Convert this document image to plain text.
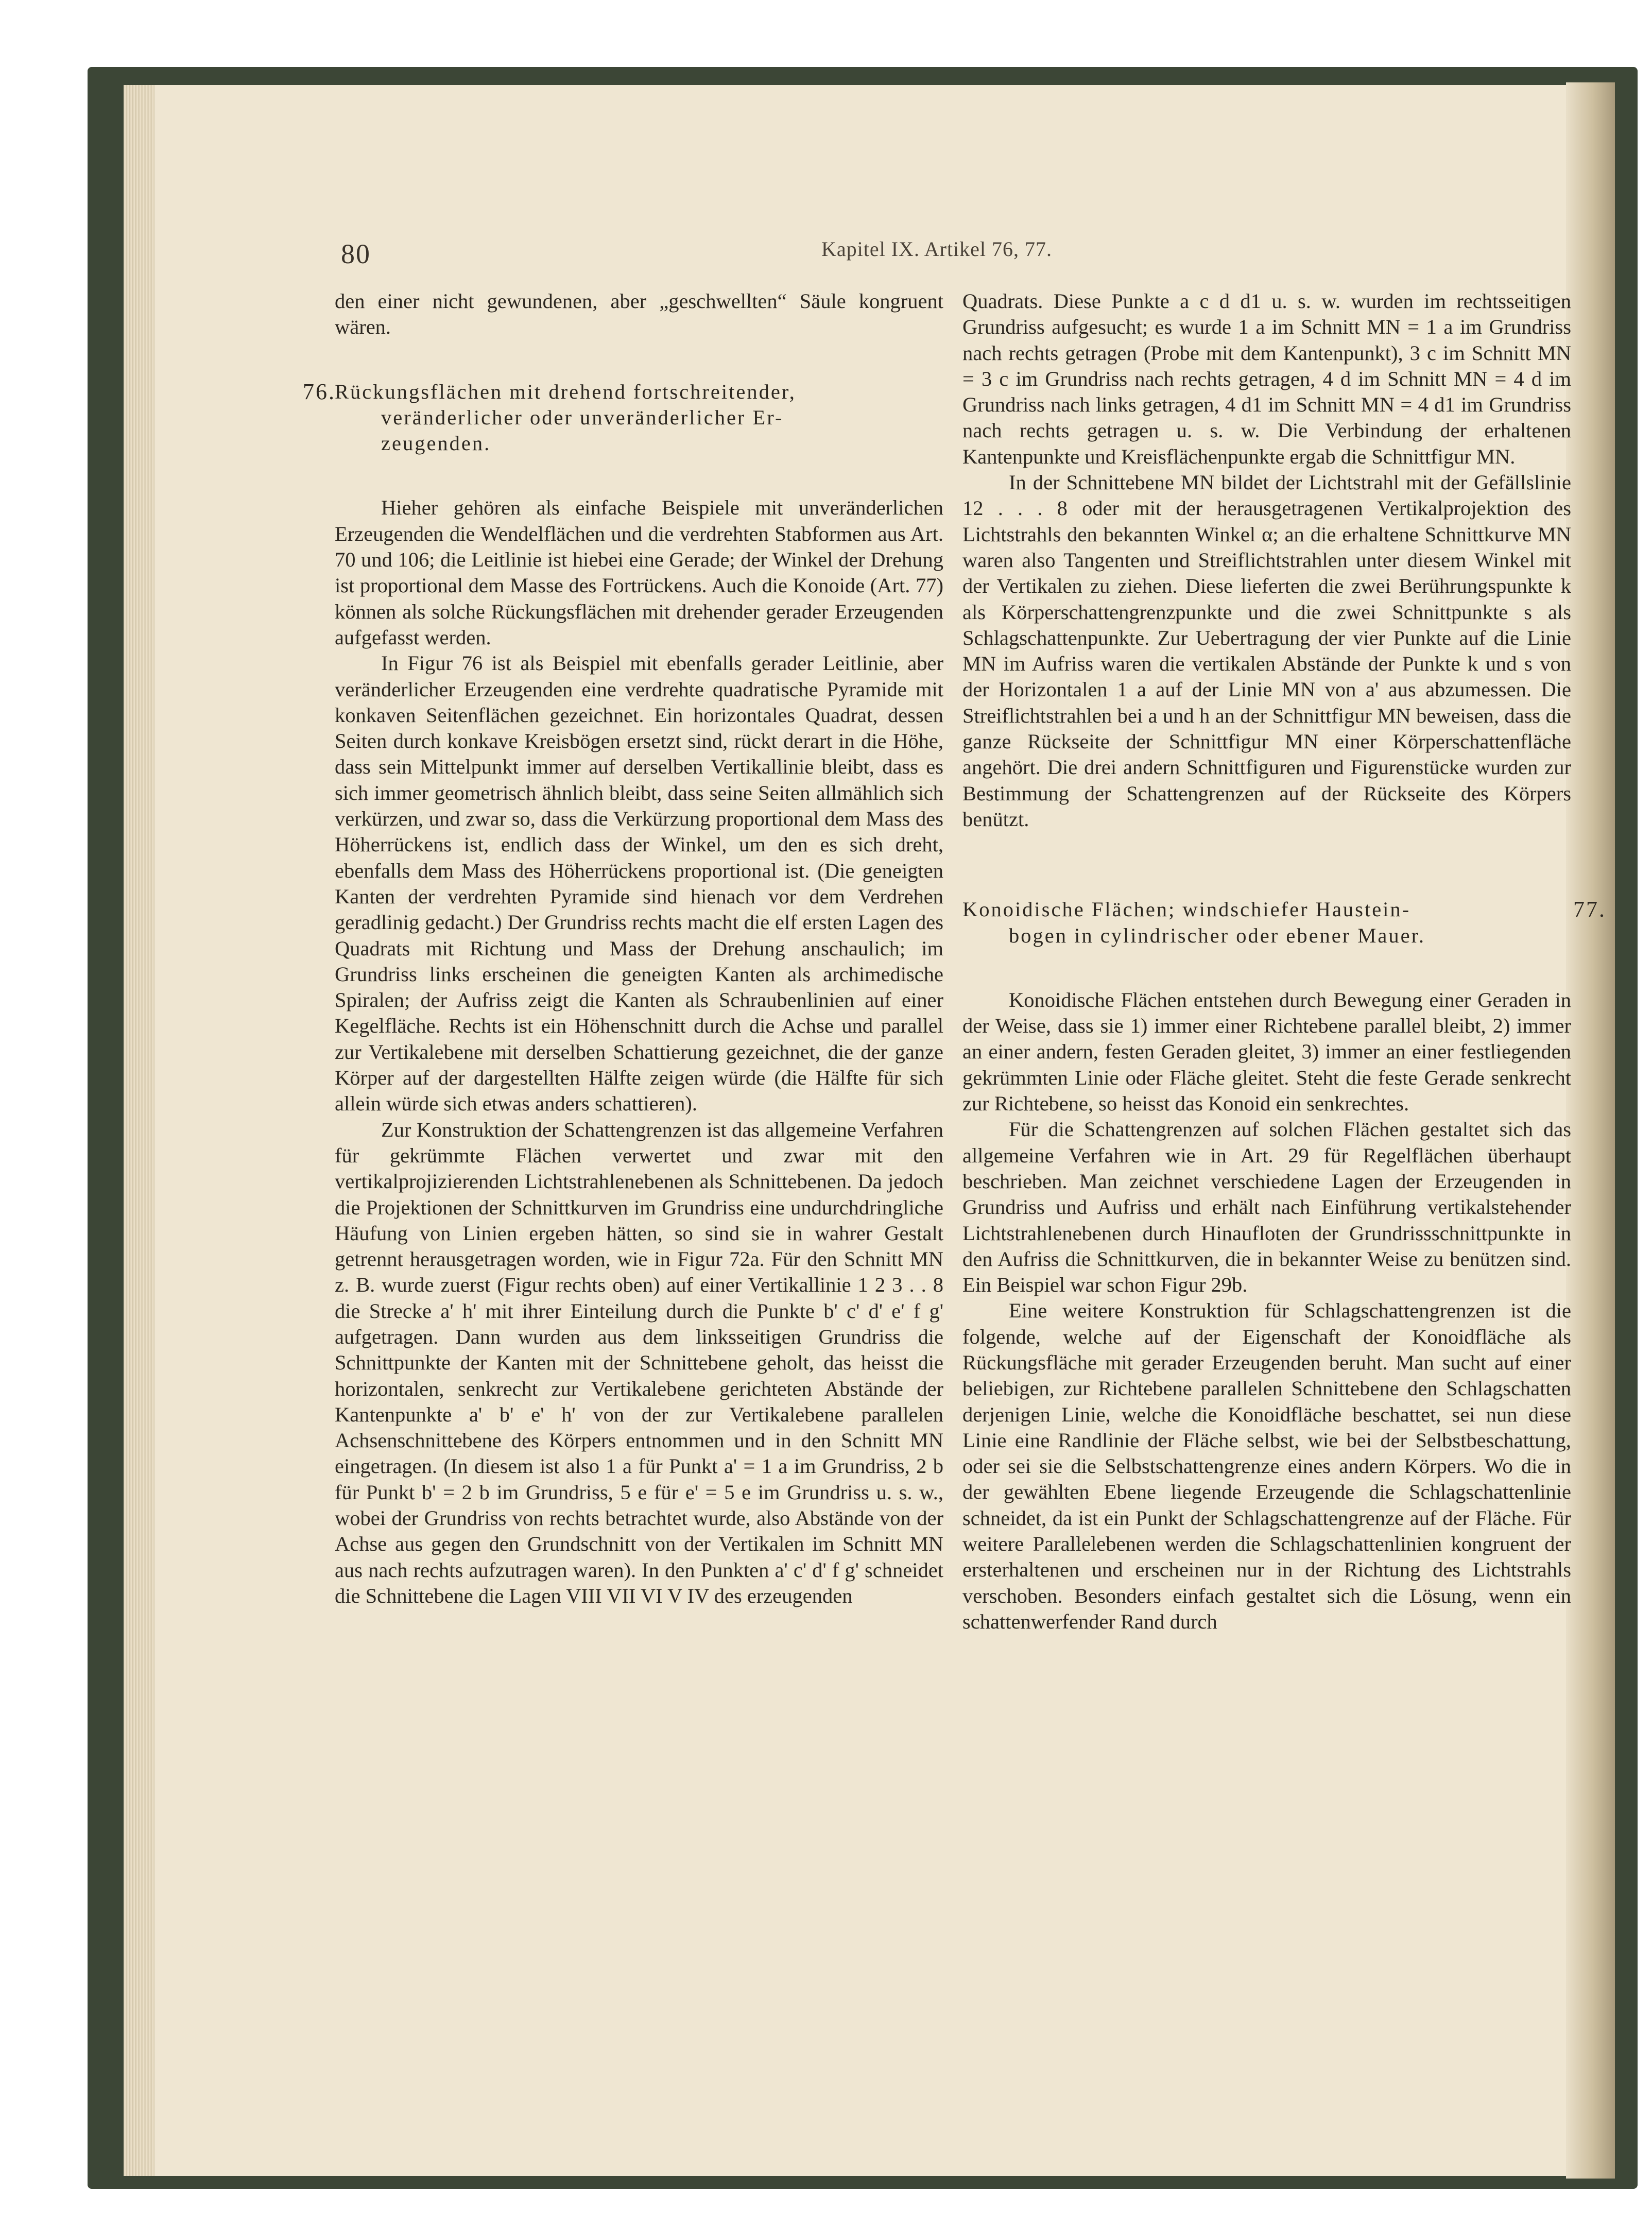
80	Kapitel IX. Artikel 76, 77.

den einer nicht gewundenen, aber „geschwellten“ Säule kongruent wären.

76.
Rückungsflächen mit drehend fortschreitender,
veränderlicher oder unveränderlicher Er-
zeugenden.

Hieher gehören als einfache Beispiele mit unveränderlichen Erzeugenden die Wendelflächen und die verdrehten Stabformen aus Art. 70 und 106; die Leitlinie ist hiebei eine Gerade; der Winkel der Drehung ist proportional dem Masse des Fortrückens. Auch die Konoide (Art. 77) können als solche Rückungsflächen mit drehender gerader Erzeugenden aufgefasst werden.

In Figur 76 ist als Beispiel mit ebenfalls gerader Leitlinie, aber veränderlicher Erzeugenden eine verdrehte quadratische Pyramide mit konkaven Seitenflächen gezeichnet. Ein horizontales Quadrat, dessen Seiten durch konkave Kreisbögen ersetzt sind, rückt derart in die Höhe, dass sein Mittelpunkt immer auf derselben Vertikallinie bleibt, dass es sich immer geometrisch ähnlich bleibt, dass seine Seiten allmählich sich verkürzen, und zwar so, dass die Verkürzung proportional dem Mass des Höherrückens ist, endlich dass der Winkel, um den es sich dreht, ebenfalls dem Mass des Höherrückens proportional ist. (Die geneigten Kanten der verdrehten Pyramide sind hienach vor dem Verdrehen geradlinig gedacht.) Der Grundriss rechts macht die elf ersten Lagen des Quadrats mit Richtung und Mass der Drehung anschaulich; im Grundriss links erscheinen die geneigten Kanten als archimedische Spiralen; der Aufriss zeigt die Kanten als Schraubenlinien auf einer Kegelfläche. Rechts ist ein Höhenschnitt durch die Achse und parallel zur Vertikalebene mit derselben Schattierung gezeichnet, die der ganze Körper auf der dargestellten Hälfte zeigen würde (die Hälfte für sich allein würde sich etwas anders schattieren).

Zur Konstruktion der Schattengrenzen ist das allgemeine Verfahren für gekrümmte Flächen verwertet und zwar mit den vertikalprojizierenden Lichtstrahlenebenen als Schnittebenen. Da jedoch die Projektionen der Schnittkurven im Grundriss eine undurchdringliche Häufung von Linien ergeben hätten, so sind sie in wahrer Gestalt getrennt herausgetragen worden, wie in Figur 72a. Für den Schnitt MN z. B. wurde zuerst (Figur rechts oben) auf einer Vertikallinie 1 2 3 . . 8 die Strecke a' h' mit ihrer Einteilung durch die Punkte b' c' d' e' f g' aufgetragen. Dann wurden aus dem linksseitigen Grundriss die Schnittpunkte der Kanten mit der Schnittebene geholt, das heisst die horizontalen, senkrecht zur Vertikalebene gerichteten Abstände der Kantenpunkte a' b' e' h' von der zur Vertikalebene parallelen Achsenschnittebene des Körpers entnommen und in den Schnitt MN eingetragen. (In diesem ist also 1 a für Punkt a' = 1 a im Grundriss, 2 b für Punkt b' = 2 b im Grundriss, 5 e für e' = 5 e im Grundriss u. s. w., wobei der Grundriss von rechts betrachtet wurde, also Abstände von der Achse aus gegen den Grundschnitt von der Vertikalen im Schnitt MN aus nach rechts aufzutragen waren). In den Punkten a' c' d' f g' schneidet die Schnittebene die Lagen VIII VII VI V IV des erzeugenden

Quadrats. Diese Punkte a c d d1 u. s. w. wurden im rechtsseitigen Grundriss aufgesucht; es wurde 1 a im Schnitt MN = 1 a im Grundriss nach rechts getragen (Probe mit dem Kantenpunkt), 3 c im Schnitt MN = 3 c im Grundriss nach rechts getragen, 4 d im Schnitt MN = 4 d im Grundriss nach links getragen, 4 d1 im Schnitt MN = 4 d1 im Grundriss nach rechts getragen u. s. w. Die Verbindung der erhaltenen Kantenpunkte und Kreisflächenpunkte ergab die Schnittfigur MN.

In der Schnittebene MN bildet der Lichtstrahl mit der Gefällslinie 12 . . . 8 oder mit der herausgetragenen Vertikalprojektion des Lichtstrahls den bekannten Winkel α; an die erhaltene Schnittkurve MN waren also Tangenten und Streiflichtstrahlen unter diesem Winkel mit der Vertikalen zu ziehen. Diese lieferten die zwei Berührungspunkte k als Körperschattengrenzpunkte und die zwei Schnittpunkte s als Schlagschattenpunkte. Zur Uebertragung der vier Punkte auf die Linie MN im Aufriss waren die vertikalen Abstände der Punkte k und s von der Horizontalen 1 a auf der Linie MN von a' aus abzumessen. Die Streiflichtstrahlen bei a und h an der Schnittfigur MN beweisen, dass die ganze Rückseite der Schnittfigur MN einer Körperschattenfläche angehört. Die drei andern Schnittfiguren und Figurenstücke wurden zur Bestimmung der Schattengrenzen auf der Rückseite des Körpers benützt.

77.
Konoidische Flächen; windschiefer Haustein-
bogen in cylindrischer oder ebener Mauer.

Konoidische Flächen entstehen durch Bewegung einer Geraden in der Weise, dass sie 1) immer einer Richtebene parallel bleibt, 2) immer an einer andern, festen Geraden gleitet, 3) immer an einer festliegenden gekrümmten Linie oder Fläche gleitet. Steht die feste Gerade senkrecht zur Richtebene, so heisst das Konoid ein senkrechtes.

Für die Schattengrenzen auf solchen Flächen gestaltet sich das allgemeine Verfahren wie in Art. 29 für Regelflächen überhaupt beschrieben. Man zeichnet verschiedene Lagen der Erzeugenden in Grundriss und Aufriss und erhält nach Einführung vertikalstehender Lichtstrahlenebenen durch Hinaufloten der Grundrissschnittpunkte in den Aufriss die Schnittkurven, die in bekannter Weise zu benützen sind. Ein Beispiel war schon Figur 29b.

Eine weitere Konstruktion für Schlagschattengrenzen ist die folgende, welche auf der Eigenschaft der Konoidfläche als Rückungsfläche mit gerader Erzeugenden beruht. Man sucht auf einer beliebigen, zur Richtebene parallelen Schnittebene den Schlagschatten derjenigen Linie, welche die Konoidfläche beschattet, sei nun diese Linie eine Randlinie der Fläche selbst, wie bei der Selbstbeschattung, oder sei sie die Selbstschattengrenze eines andern Körpers. Wo die in der gewählten Ebene liegende Erzeugende die Schlagschattenlinie schneidet, da ist ein Punkt der Schlagschattengrenze auf der Fläche. Für weitere Parallelebenen werden die Schlagschattenlinien kongruent der ersterhaltenen und erscheinen nur in der Richtung des Lichtstrahls verschoben. Besonders einfach gestaltet sich die Lösung, wenn ein schattenwerfender Rand durch
